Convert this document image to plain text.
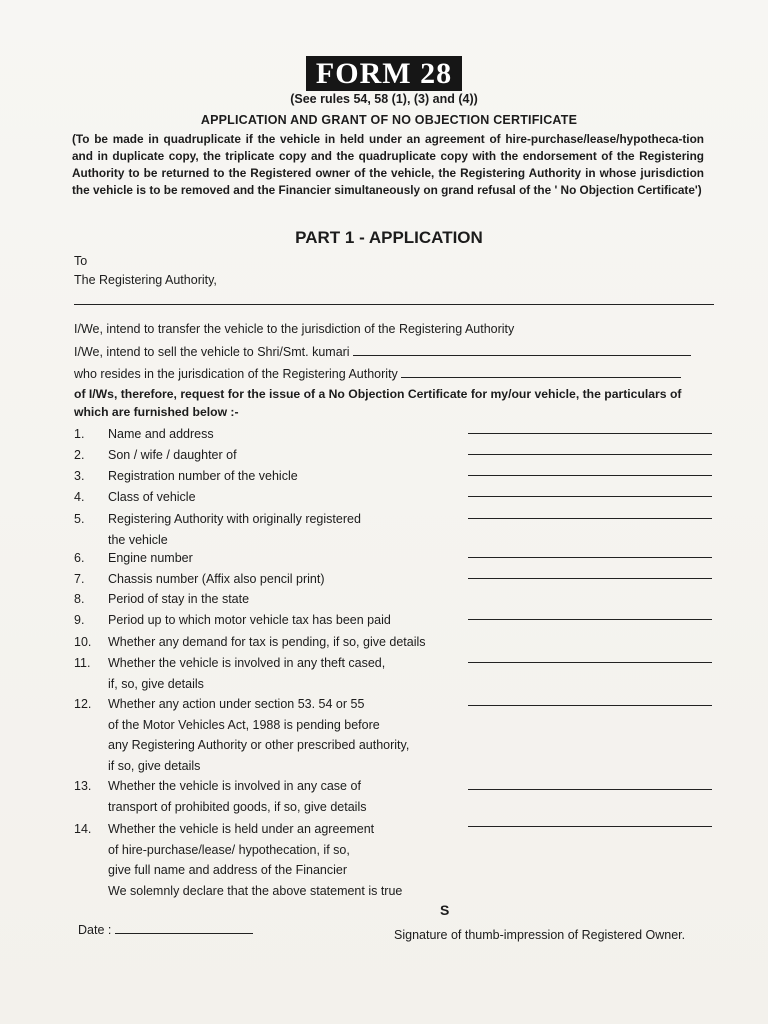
FORM 28
(See rules 54, 58 (1), (3) and (4))
APPLICATION AND GRANT OF NO OBJECTION CERTIFICATE
(To be made in quadruplicate if the vehicle in held under an agreement of hire-purchase/lease/hypotheca-tion and in duplicate copy, the triplicate copy and the quadruplicate copy with the endorsement of the Registering Authority to be returned to the Registered owner of the vehicle, the Registering Authority in whose jurisdiction the vehicle is to be removed and the Financier simultaneously on grand refusal of the ' No Objection Certificate')
PART 1 - APPLICATION
To
The Registering Authority,
I/We, intend to transfer the vehicle to the jurisdiction of the Registering Authority
I/We, intend to sell the vehicle to Shri/Smt. kumari
who resides in the jurisdication of the Registering Authority
of I/Ws, therefore, request for the issue of a No Objection Certificate for my/our vehicle, the particulars of
which are furnished below :-
1. Name and address
2. Son / wife / daughter of
3. Registration number of the vehicle
4. Class of vehicle
5. Registering Authority with originally registered
the vehicle
6. Engine number
7. Chassis number (Affix also pencil print)
8. Period of stay in the state
9. Period up to which motor vehicle tax has been paid
10. Whether any demand for tax is pending, if so, give details
11. Whether the vehicle is involved in any theft cased,
if, so, give details
12. Whether any action under section 53. 54 or 55
of the Motor Vehicles Act, 1988 is pending before
any Registering Authority or other prescribed authority,
if so, give details
13. Whether the vehicle is involved in any case of
transport of prohibited goods, if so, give details
14. Whether the vehicle is held under an agreement
of hire-purchase/lease/ hypothecation, if so,
give full name and address of the Financier
We solemnly declare that the above statement is true
S
Date :	Signature of thumb-impression of Registered Owner.
